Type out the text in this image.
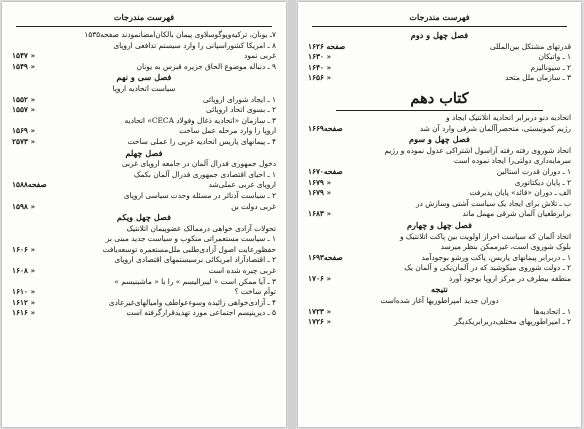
فهرست مندرجات
۷ـ یونان، ترکیه‌وپوگوسلاوی پیمان بالکان‌امضانمودند صفحه۱۵۳۵
۸ ـ امریکا کشوراسپانی را وارد سیستم تدافعی اروپای
غربی نمود
۱۵۴۷ »
۹ ـ دنباله موضوع الحاق جزیره قبرس به یونان
۱۵۴۹ »
فصل سی و نهم
سیاست اتحادیه اروپا
۱ ـ ایجاد شورای اروپائی
۱۵۵۲ »
۲ ـ بسوی اتحاد اروپائی
۱۵۵۷ »
۳ ـ سازمان «اتحادیه ذغال وفولاد CECA» اتحادیه
اروپا را وارد مرحله عمل ساخت
۱۵۶۹ »
۴ ـ پیمانهای پاریس اتحادیه غربی را عملی ساخت
۲۵۷۳ »
فصل چهلم
دخول جمهوری فدرال آلمان در جامعه اروپای غربی
۱ ـ احیای اقتصادی جمهوری فدرال آلمان بکمک
اروپای غربی عملی‌شد
صفحه۱۵۸۸
۲ ـ سیاست آدنائر در مسئله وحدت سیاسی اروپای
غربی دولت بن
۱۵۹۸ »
فصل چهل ویکم
تحولات آزادی خواهی درممالک عضوپیمان اتلانتیک
۱ ـ سیاست مستعمراتی منکوب و سیاست جدید مبنی بر
حفظورعایت اصول آزادی‌طلبی ملل‌مستعمره توسعه‌یافت
۱۶۰۶ »
۲ ـ اقتصادآزاد امریکائی برسیستمهای اقتصادی اروپای
غربی چیره شده است
۱۶۰۸ »
۳ ـ آیا ممکن است « لیبرالیسم » را با « ماشینیسم »
توأم ساخت ؟
۱۶۱۰ »
۴ ـ آزادی‌خواهی زائیده وسوءعواطف وامیالهای‌غیرعادی
۱۶۱۲ »
۵ ـ دیرینپسم اجتماعی مورد تهدیدقرارگرفته است
۱۶۱۶ »
فهرست مندرجات
فصل چهل و دوم
قدرتهای مشتکل بین‌المللی
صفحه ۱۶۲۶
۱ ـ واتیکان
۱۶۳۰ »
۲ ـ سیونالیزم
۱۶۴۰ »
۳ ـ سازمان ملل متحد
۱۶۵۶ »
کتاب دهم
اتحادیه دنو دربرابر اتحادیه اتلانتیک ایجاد و
رژیم کمونیستی، منحصراًآلمان شرقی وارد آن شد
صفحه۱۶۶۹
فصل چهل و سوم
اتحاد شوروی رفته رفته آزاسول اشتراکی عدول نموده و رژیم
سرمایه‌داری دولتی‌را ایجاد نموده است
۱ ـ دوران قدرت استالین
صفحه۱۶۷۰
۲ ـ پایان دیکتاتوری
۱۶۷۹ »
الف ـ دوران «قائد» پایان پذیرفت
۱۶۷۹ »
ب ـ تلاش برای ایجاد یک سیاست آشتی وسازش در
برابرطغیان آلمان شرقی مهمل ماند
۱۶۸۳ »
فصل چهل و چهارم
اتحاد آلمان که سیاست احراز اولویت بین پاکت اتلانتیک و
بلوک شوروی است، غیرممکن بنظر میرسد
۱ ـ دربرابر پیمانهای پاریس، پاکت ورشو بوجودآمد
صفحه۱۶۹۳
۲ ـ دولت شوروی میکوشید که در آلمان‌یکی و آلمان یک
منطقه بیطرف در مرکز اروپا بوجود آورد
۱۷۰۶ »
نتیجه
دوران جدید امپراطوریها آغاز شده‌است
۱ ـ اتحادیه‌ها
۱۷۲۳ »
۲ ـ امپراطوریهای مختلف‌دربرابر‌یکدیگر
۱۷۲۶ »
